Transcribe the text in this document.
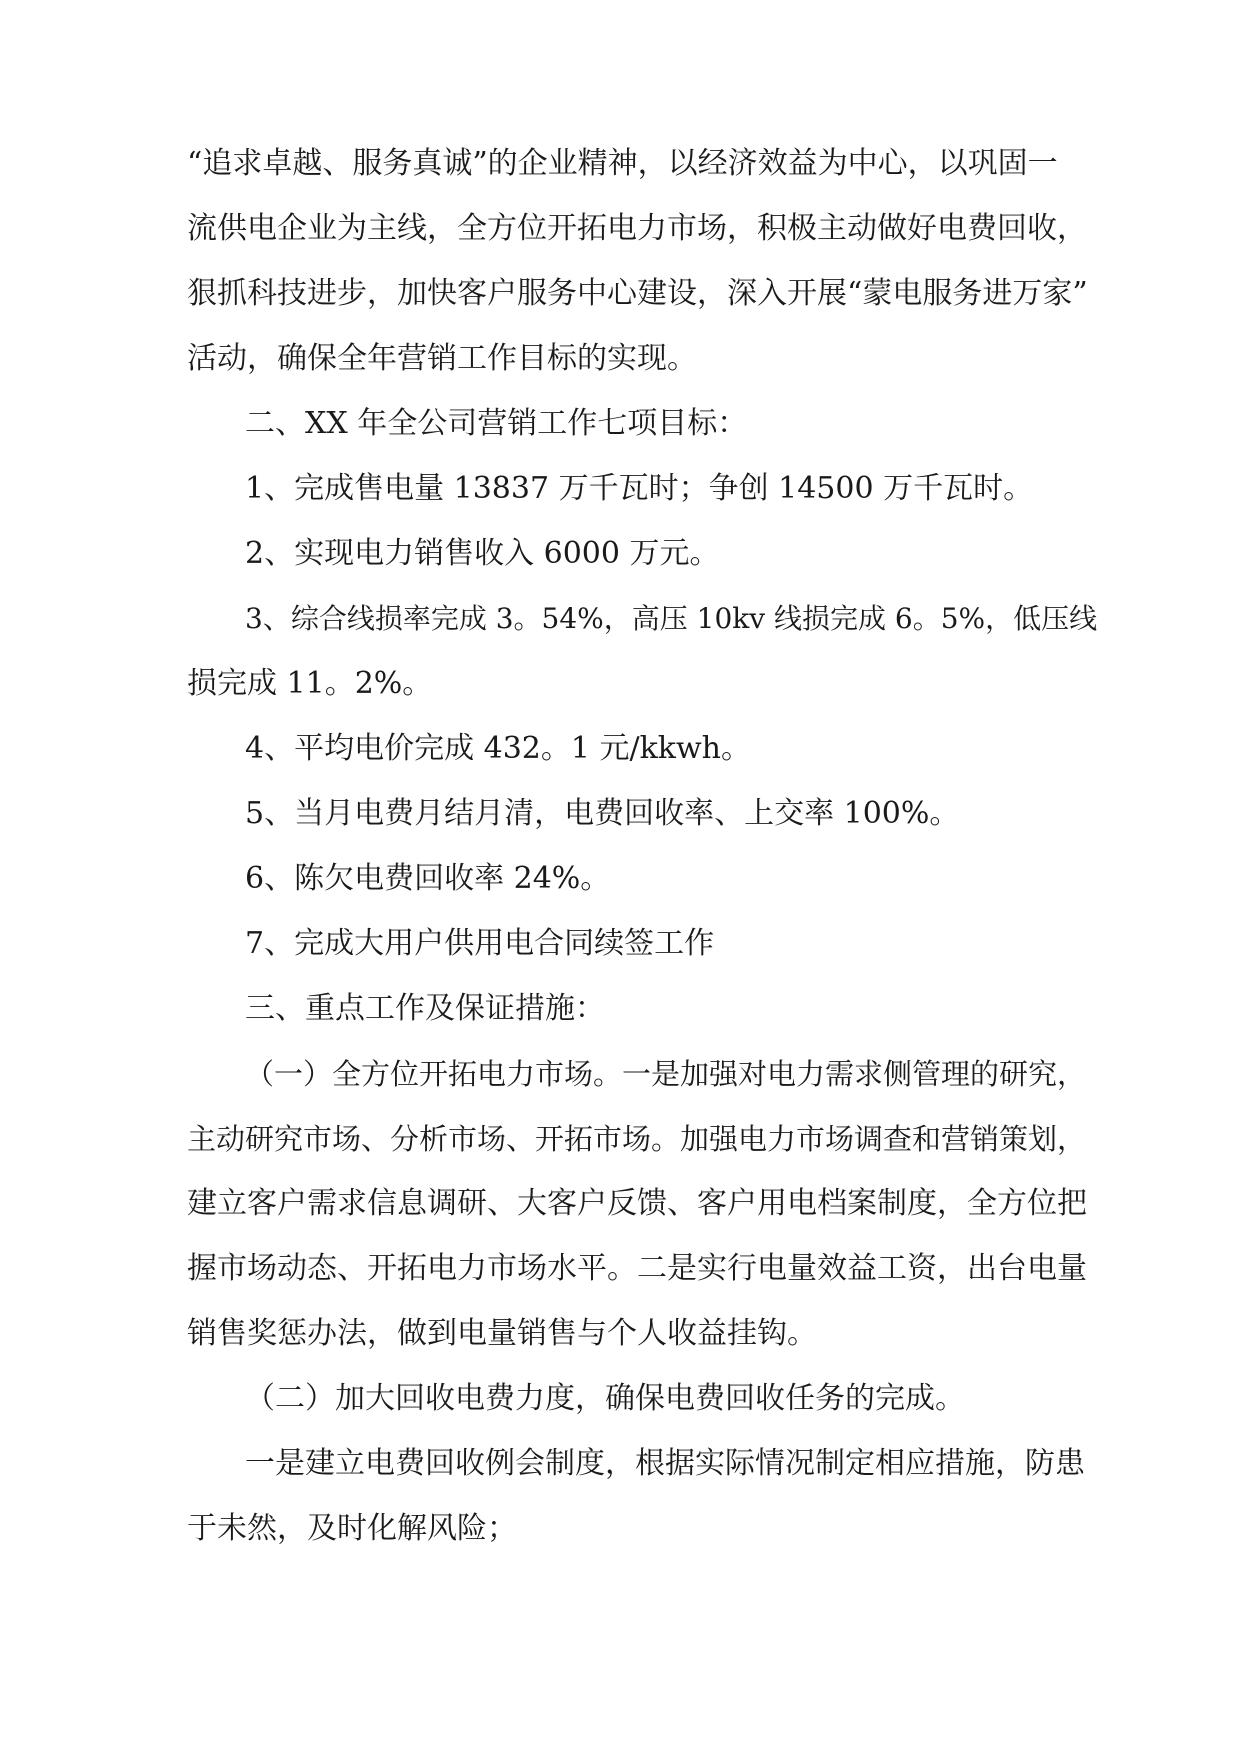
“追求卓越、服务真诚”的企业精神，以经济效益为中心，以巩固一

流供电企业为主线，全方位开拓电力市场，积极主动做好电费回收，

狠抓科技进步，加快客户服务中心建设，深入开展“蒙电服务进万家”

活动，确保全年营销工作目标的实现。

二、XX 年全公司营销工作七项目标：

1、完成售电量 13837 万千瓦时；争创 14500 万千瓦时。

2、实现电力销售收入 6000 万元。

3、综合线损率完成 3。54%，高压 10kv 线损完成 6。5%，低压线

损完成 11。2%。

4、平均电价完成 432。1 元/kkwh。

5、当月电费月结月清，电费回收率、上交率 100%。

6、陈欠电费回收率 24%。

7、完成大用户供用电合同续签工作

三、重点工作及保证措施：

（一）全方位开拓电力市场。一是加强对电力需求侧管理的研究，

主动研究市场、分析市场、开拓市场。加强电力市场调查和营销策划，

建立客户需求信息调研、大客户反馈、客户用电档案制度，全方位把

握市场动态、开拓电力市场水平。二是实行电量效益工资，出台电量

销售奖惩办法，做到电量销售与个人收益挂钩。

（二）加大回收电费力度，确保电费回收任务的完成。

一是建立电费回收例会制度，根据实际情况制定相应措施，防患

于未然，及时化解风险；
